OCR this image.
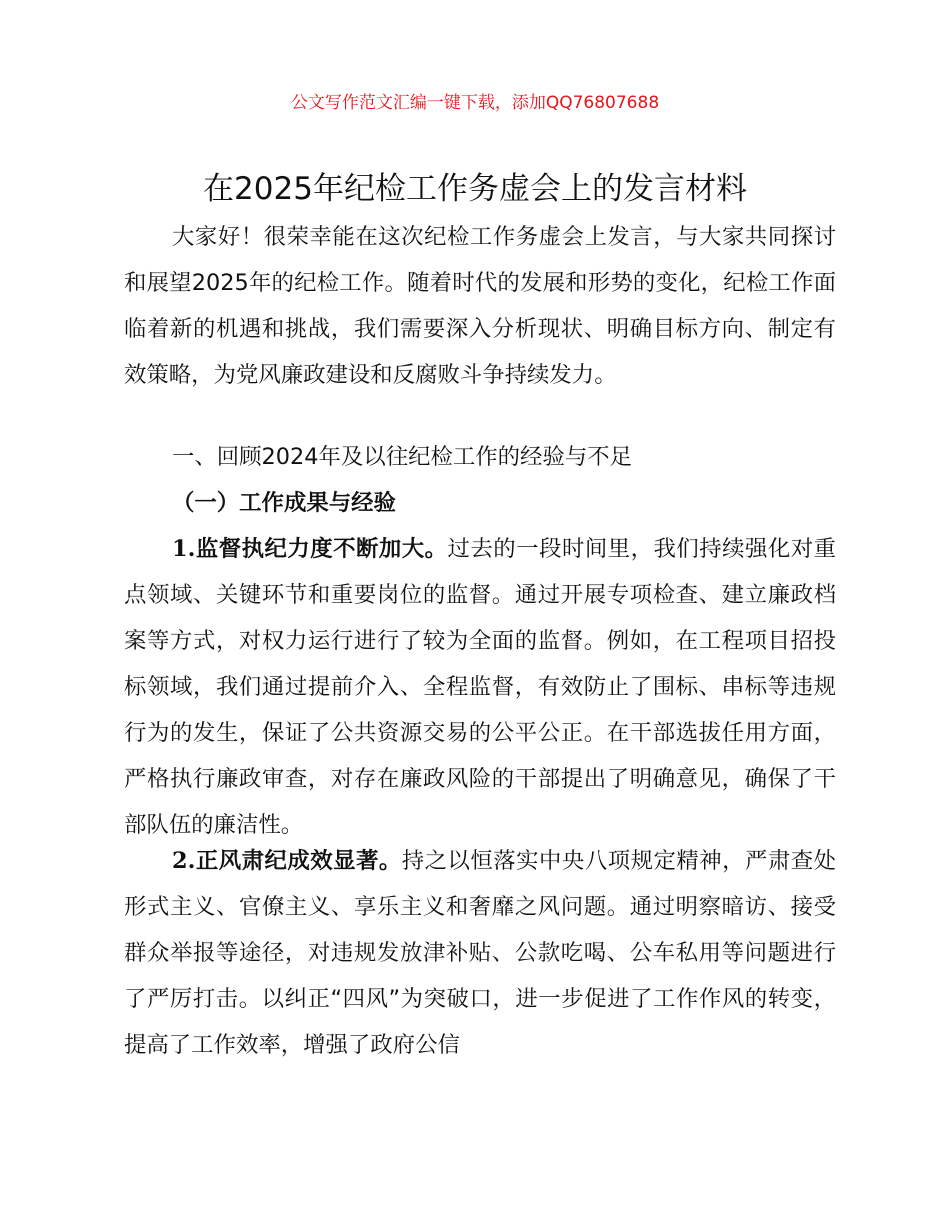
公文写作范文汇编一键下载，添加QQ76807688
在2025年纪检工作务虚会上的发言材料

大家好！很荣幸能在这次纪检工作务虚会上发言，与大家共同探讨和展望2025年的纪检工作。随着时代的发展和形势的变化，纪检工作面临着新的机遇和挑战，我们需要深入分析现状、明确目标方向、制定有效策略，为党风廉政建设和反腐败斗争持续发力。

一、回顾2024年及以往纪检工作的经验与不足

（一）工作成果与经验

1.监督执纪力度不断加大。过去的一段时间里，我们持续强化对重点领域、关键环节和重要岗位的监督。通过开展专项检查、建立廉政档案等方式，对权力运行进行了较为全面的监督。例如，在工程项目招投标领域，我们通过提前介入、全程监督，有效防止了围标、串标等违规行为的发生，保证了公共资源交易的公平公正。在干部选拔任用方面，严格执行廉政审查，对存在廉政风险的干部提出了明确意见，确保了干部队伍的廉洁性。

2.正风肃纪成效显著。持之以恒落实中央八项规定精神，严肃查处形式主义、官僚主义、享乐主义和奢靡之风问题。通过明察暗访、接受群众举报等途径，对违规发放津补贴、公款吃喝、公车私用等问题进行了严厉打击。以纠正“四风”为突破口，进一步促进了工作作风的转变，提高了工作效率，增强了政府公信
